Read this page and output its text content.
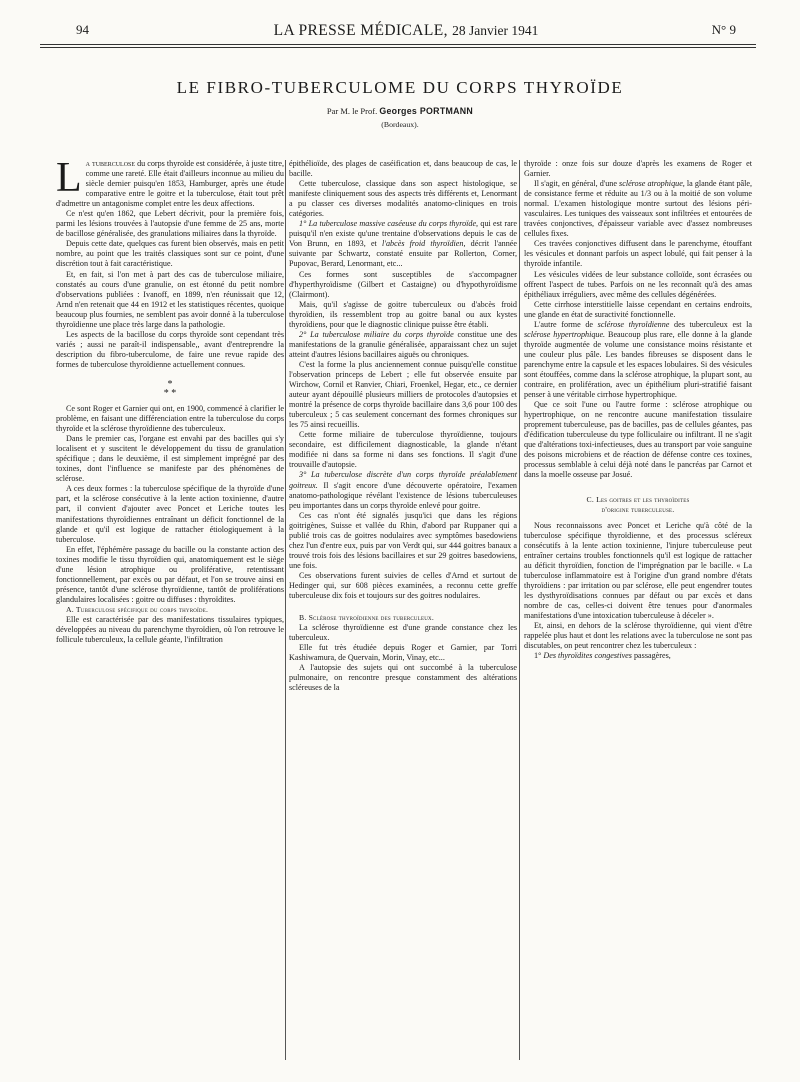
94	LA PRESSE MÉDICALE, 28 Janvier 1941	N° 9
LE FIBRO-TUBERCULOME DU CORPS THYROÏDE
Par M. le Prof. Georges PORTMANN
(Bordeaux).

La tuberculose du corps thyroïde est considérée, à juste titre, comme une rareté. Elle était d'ailleurs inconnue au milieu du siècle dernier puisqu'en 1853, Hamburger, après une étude comparative entre le goitre et la tuberculose, était tout prêt d'admettre un antagonisme complet entre les deux affections.

Ce n'est qu'en 1862, que Lebert décrivit, pour la première fois, parmi les lésions trouvées à l'autopsie d'une femme de 25 ans, morte de bacillose généralisée, des granulations miliaires dans la thyroïde.

Depuis cette date, quelques cas furent bien observés, mais en petit nombre, au point que les traités classiques sont sur ce point, d'une discrétion tout à fait caractéristique.

Et, en fait, si l'on met à part des cas de tuberculose miliaire, constatés au cours d'une granulie, on est étonné du petit nombre d'observations publiées : Ivanoff, en 1899, n'en réunissait que 12, Arnd n'en retenait que 44 en 1912 et les statistiques récentes, quoique beaucoup plus fournies, ne semblent pas avoir donné à la tuberculose thyroïdienne une place très large dans la pathologie.

Les aspects de la bacillose du corps thyroïde sont cependant très variés ; aussi ne paraît-il indispensable,, avant d'entreprendre la description du fibro-tuberculome, de faire une revue rapide des formes de tuberculose thyroïdienne actuellement connues.

*
* *

Ce sont Roger et Garnier qui ont, en 1900, commencé à clarifier le problème, en faisant une différenciation entre la tuberculose du corps thyroïde et la sclérose thyroïdienne des tuberculeux.

Dans le premier cas, l'organe est envahi par des bacilles qui s'y localisent et y suscitent le développement du tissu de granulation spécifique ; dans le deuxième, il est simplement imprégné par des toxines, dont l'influence se manifeste par des phénomènes de sclérose.

A ces deux formes : la tuberculose spécifique de la thyroïde d'une part, et la sclérose consécutive à la lente action toxinienne, d'autre part, il convient d'ajouter avec Poncet et Leriche toutes les manifestations thyroïdiennes entraînant un déficit fonctionnel de la glande et qu'il est logique de rattacher étiologiquement à la tuberculose.

En effet, l'éphémère passage du bacille ou la constante action des toxines modifie le tissu thyroïdien qui, anatomiquement est le siège d'une lésion atrophique ou proliférative, retentissant fonctionnellement, par excès ou par défaut, et l'on se trouve ainsi en présence, tantôt d'une sclérose thyroïdienne, tantôt de proliférations glandulaires localisées : goitre ou diffuses : thyroïdites.

A. Tuberculose spécifique du corps thyroïde.

Elle est caractérisée par des manifestations tissulaires typiques, développées au niveau du parenchyme thyroïdien, où l'on retrouve le follicule tuberculeux, la cellule géante, l'infiltration

épithélioïde, des plages de caséification et, dans beaucoup de cas, le bacille.

Cette tuberculose, classique dans son aspect histologique, se manifeste cliniquement sous des aspects très différents et, Lenormant a pu classer ces diverses modalités anatomo-cliniques en trois catégories.

1° La tuberculose massive caséeuse du corps thyroïde, qui est rare puisqu'il n'en existe qu'une trentaine d'observations depuis le cas de Von Brunn, en 1893, et l'abcès froid thyroïdien, décrit l'année suivante par Schwartz, constaté ensuite par Rollerton, Corner, Pupovac, Berard, Lenormant, etc...

Ces formes sont susceptibles de s'accompagner d'hyperthyroïdisme (Gilbert et Castaigne) ou d'hypothyroïdisme (Clairmont).

Mais, qu'il s'agisse de goitre tuberculeux ou d'abcès froid thyroïdien, ils ressemblent trop au goitre banal ou aux kystes thyroïdiens, pour que le diagnostic clinique puisse être établi.

2° La tuberculose miliaire du corps thyroïde constitue une des manifestations de la granulie généralisée, apparaissant chez un sujet atteint d'autres lésions bacillaires aiguës ou chroniques.

C'est la forme la plus anciennement connue puisqu'elle constitue l'observation princeps de Lebert ; elle fut observée ensuite par Wirchow, Cornil et Ranvier, Chiari, Froenkel, Hegar, etc., ce dernier auteur ayant dépouillé plusieurs milliers de protocoles d'autopsies et montré la présence de corps thyroïde bacillaire dans 3,6 pour 100 des tuberculeux ; 5 cas seulement concernant des formes chroniques sur les 75 ainsi recueillis.

Cette forme miliaire de tuberculose thyroïdienne, toujours secondaire, est difficilement diagnosticable, la glande n'étant modifiée ni dans sa forme ni dans ses fonctions. Il s'agit d'une trouvaille d'autopsie.

3° La tuberculose discrète d'un corps thyroïde préalablement goitreux. Il s'agit encore d'une découverte opératoire, l'examen anatomo-pathologique révélant l'existence de lésions tuberculeuses peu importantes dans un corps thyroïde enlevé pour goitre.

Ces cas n'ont été signalés jusqu'ici que dans les régions goitrigènes, Suisse et vallée du Rhin, d'abord par Ruppaner qui a publié trois cas de goitres nodulaires avec symptômes basedowiens chez l'un d'entre eux, puis par von Verdt qui, sur 444 goitres banaux a trouvé trois fois des lésions bacillaires et sur 29 goitres basedowiens, une fois.

Ces observations furent suivies de celles d'Arnd et surtout de Hedinger qui, sur 608 pièces examinées, a reconnu cette greffe tuberculeuse dix fois et toujours sur des goitres nodulaires.

B. Sclérose thyroïdienne des tuberculeux.

La sclérose thyroïdienne est d'une grande constance chez les tuberculeux.

Elle fut très étudiée depuis Roger et Garnier, par Torri Kashiwamura, de Quervain, Morin, Vinay, etc...

A l'autopsie des sujets qui ont succombé à la tuberculose pulmonaire, on rencontre presque constamment des altérations scléreuses de la

thyroïde : onze fois sur douze d'après les examens de Roger et Garnier.

Il s'agit, en général, d'une sclérose atrophique, la glande étant pâle, de consistance ferme et réduite au 1/3 ou à la moitié de son volume normal. L'examen histologique montre surtout des lésions péri-vasculaires. Les tuniques des vaisseaux sont infiltrées et entourées de travées conjonctives, d'épaisseur variable avec d'assez nombreuses cellules fixes.

Ces travées conjonctives diffusent dans le parenchyme, étouffant les vésicules et donnant parfois un aspect lobulé, qui fait penser à la thyroïde infantile.

Les vésicules vidées de leur substance colloïde, sont écrasées ou offrent l'aspect de tubes. Parfois on ne les reconnaît qu'à des amas épithéliaux irréguliers, avec même des cellules dégénérées.

Cette cirrhose interstitielle laisse cependant en certains endroits, une glande en état de suractivité fonctionnelle.

L'autre forme de sclérose thyroïdienne des tuberculeux est la sclérose hypertrophique. Beaucoup plus rare, elle donne à la glande thyroïde augmentée de volume une consistance moins résistante et une couleur plus pâle. Les bandes fibreuses se disposent dans le parenchyme entre la capsule et les espaces lobulaires. Si des vésicules sont étouffées, comme dans la sclérose atrophique, la plupart sont, au contraire, en prolifération, avec un épithélium pluri-stratifié faisant penser à une véritable cirrhose hypertrophique.

Que ce soit l'une ou l'autre forme : sclérose atrophique ou hypertrophique, on ne rencontre aucune manifestation tissulaire proprement tuberculeuse, pas de bacilles, pas de cellules géantes, pas d'édification tuberculeuse du type folliculaire ou infiltrant. Il ne s'agit que d'altérations toxi-infectieuses, dues au transport par voie sanguine des poisons microbiens et de réaction de défense contre ces toxines, processus semblable à celui déjà noté dans le pancréas par Carnot et dans la moelle osseuse par Josué.

C. Les goitres et les thyroïdites
d'origine tuberculeuse.

Nous reconnaissons avec Poncet et Leriche qu'à côté de la tuberculose spécifique thyroïdienne, et des processus scléreux consécutifs à la lente action toxinienne, l'injure tuberculeuse peut entraîner certains troubles fonctionnels qu'il est logique de rattacher au déficit thyroïdien, fonction de l'imprégnation par le bacille. « La tuberculose inflammatoire est à l'origine d'un grand nombre d'états thyroïdiens : par irritation ou par sclérose, elle peut engendrer toutes les dysthyroïdisations connues par défaut ou par excès et dans nombre de cas, celles-ci doivent être tenues pour d'anormales manifestations d'une intoxication tuberculeuse à déceler ».

Et, ainsi, en dehors de la sclérose thyroïdienne, qui vient d'être rappelée plus haut et dont les relations avec la tuberculose ne sont pas discutables, on peut rencontrer chez les tuberculeux :

1° Des thyroïdites congestives passagères,
